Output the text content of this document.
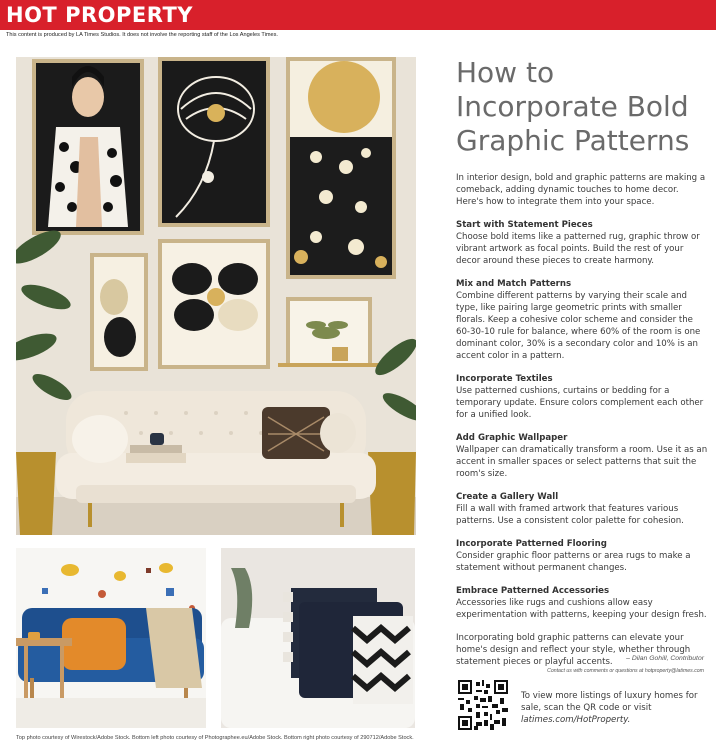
HOT PROPERTY
This content is produced by LA Times Studios. It does not involve the reporting staff of the Los Angeles Times.
Top photo courtesy of Wirestock/Adobe Stock. Bottom left photo courtesy of Photographee.eu/Adobe Stock. Bottom right photo courtesy of 290712/Adobe Stock.
How to Incorporate Bold Graphic Patterns

In interior design, bold and graphic patterns are making a comeback, adding dynamic touches to home decor. Here's how to integrate them into your space.

Start with Statement Pieces

Choose bold items like a patterned rug, graphic throw or vibrant artwork as focal points. Build the rest of your decor around these pieces to create harmony.

Mix and Match Patterns

Combine different patterns by varying their scale and type, like pairing large geometric prints with smaller florals. Keep a cohesive color scheme and consider the 60-30-10 rule for balance, where 60% of the room is one dominant color, 30% is a secondary color and 10% is an accent color in a pattern.

Incorporate Textiles

Use patterned cushions, curtains or bedding for a temporary update. Ensure colors complement each other for a unified look.

Add Graphic Wallpaper

Wallpaper can dramatically transform a room. Use it as an accent in smaller spaces or select patterns that suit the room's size.

Create a Gallery Wall

Fill a wall with framed artwork that features various patterns. Use a consistent color palette for cohesion.

Incorporate Patterned Flooring

Consider graphic floor patterns or area rugs to make a statement without permanent changes.

Embrace Patterned Accessories

Accessories like rugs and cushions allow easy experimentation with patterns, keeping your design fresh.

Incorporating bold graphic patterns can elevate your home's design and reflect your style, whether through statement pieces or playful accents.	– Dilan Gohill, Contributor
Contact us with comments or questions at hotproperty@latimes.com
To view more listings of luxury homes for sale, scan the QR code or visit latimes.com/HotProperty.
